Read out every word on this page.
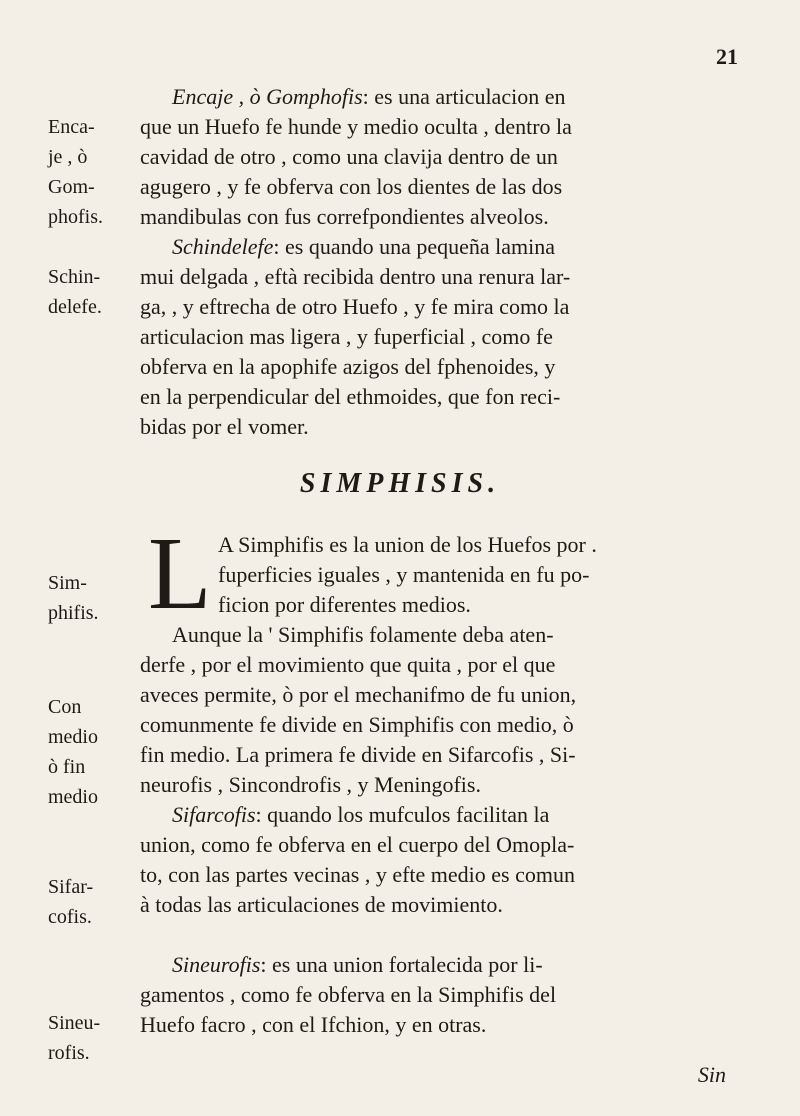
21
Enca-
je , ò
Gom-
phofis.
Schin-
delefe.
Sim-
phifis.
Con
medio
ò fin
medio
Sifar-
cofis.
Sineu-
rofis.
Encaje , ò Gomphofis: es una articulacion en
que un Huefo fe hunde y medio oculta , dentro la
cavidad de otro , como una clavija dentro de un
agugero , y fe obferva con los dientes de las dos
mandibulas con fus correfpondientes alveolos.
Schindelefe: es quando una pequeña lamina
mui delgada , eftà recibida dentro una renura lar-
ga, , y eftrecha de otro Huefo , y fe mira como la
articulacion mas ligera , y fuperficial , como fe
obferva en la apophife azigos del fphenoides, y
en la perpendicular del ethmoides, que fon reci-
bidas por el vomer.
SIMPHISIS.
L A Simphifis es la union de los Huefos por .
fuperficies iguales , y mantenida en fu po-
ficion por diferentes medios.
Aunque la ' Simphifis folamente deba aten-
derfe , por el movimiento que quita , por el que
aveces permite, ò por el mechanifmo de fu union,
comunmente fe divide en Simphifis con medio, ò
fin medio. La primera fe divide en Sifarcofis , Si-
neurofis , Sincondrofis , y Meningofis.
Sifarcofis: quando los mufculos facilitan la
union, como fe obferva en el cuerpo del Omopla-
to, con las partes vecinas , y efte medio es comun
à todas las articulaciones de movimiento.
Sineurofis: es una union fortalecida por li-
gamentos , como fe obferva en la Simphifis del
Huefo facro , con el Ifchion, y en otras.
Sin
